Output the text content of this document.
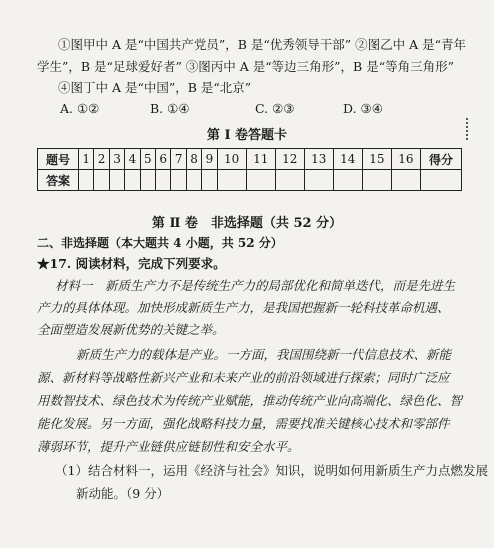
①图甲中 A 是“中国共产党员”，B 是“优秀领导干部” ②图乙中 A 是“青年
学生”，B 是“足球爱好者” ③图丙中 A 是“等边三角形”，B 是“等角三角形”
④图丁中 A 是“中国”，B 是“北京”
A. ①②	B. ①④	C. ②③	D. ③④
第 Ⅰ 卷答题卡
题号	1	2	3	4	5	6	7	8	9	10	11	12	13	14	15	16	得分
答案																	
第 Ⅱ 卷　非选择题（共 52 分）
二、非选择题（本大题共 4 小题，共 52 分）
★17. 阅读材料，完成下列要求。
材料一　新质生产力不是传统生产力的局部优化和简单迭代，而是先进生
产力的具体体现。加快形成新质生产力，是我国把握新一轮科技革命机遇、
全面塑造发展新优势的关键之举。
新质生产力的载体是产业。一方面，我国围绕新一代信息技术、新能
源、新材料等战略性新兴产业和未来产业的前沿领域进行探索；同时广泛应
用数智技术、绿色技术为传统产业赋能，推动传统产业向高端化、绿色化、智
能化发展。另一方面，强化战略科技力量，需要找准关键核心技术和零部件
薄弱环节，提升产业链供应链韧性和安全水平。
（1）结合材料一，运用《经济与社会》知识，说明如何用新质生产力点燃发展
新动能。（9 分）
